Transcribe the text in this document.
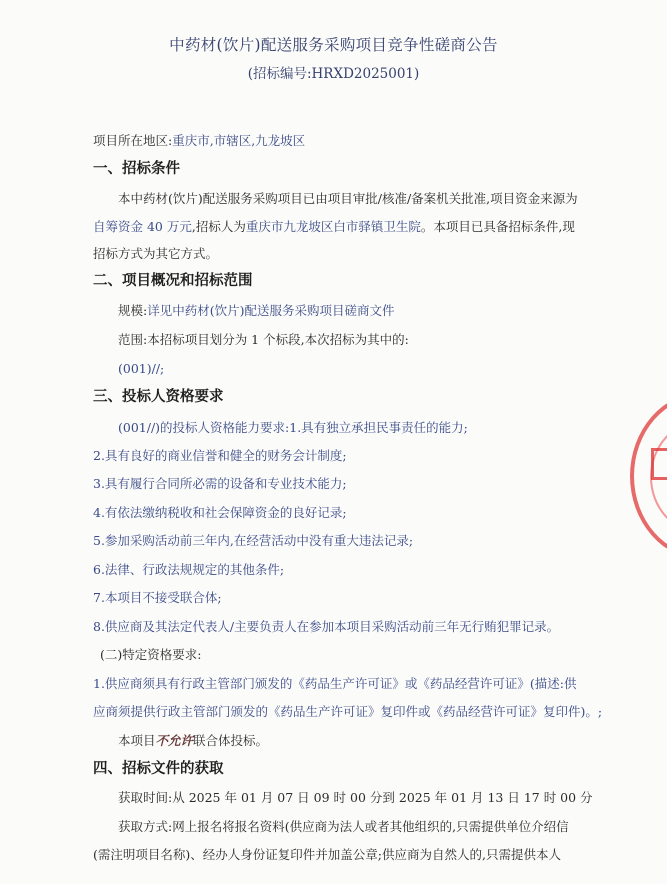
中药材(饮片)配送服务采购项目竞争性磋商公告
(招标编号:HRXD2025001)
项目所在地区:重庆市,市辖区,九龙坡区
一、招标条件
本中药材(饮片)配送服务采购项目已由项目审批/核准/备案机关批准,项目资金来源为
自筹资金 40 万元,招标人为重庆市九龙坡区白市驿镇卫生院。本项目已具备招标条件,现
招标方式为其它方式。
二、项目概况和招标范围
规模:详见中药材(饮片)配送服务采购项目磋商文件
范围:本招标项目划分为 1 个标段,本次招标为其中的:
(001)//;
三、投标人资格要求
(001//)的投标人资格能力要求:1.具有独立承担民事责任的能力;
2.具有良好的商业信誉和健全的财务会计制度;
3.具有履行合同所必需的设备和专业技术能力;
4.有依法缴纳税收和社会保障资金的良好记录;
5.参加采购活动前三年内,在经营活动中没有重大违法记录;
6.法律、行政法规规定的其他条件;
7.本项目不接受联合体;
8.供应商及其法定代表人/主要负责人在参加本项目采购活动前三年无行贿犯罪记录。
(二)特定资格要求:
1.供应商须具有行政主管部门颁发的《药品生产许可证》或《药品经营许可证》(描述:供
应商须提供行政主管部门颁发的《药品生产许可证》复印件或《药品经营许可证》复印件)。;
本项目不允许联合体投标。
四、招标文件的获取
获取时间:从 2025 年 01 月 07 日 09 时 00 分到 2025 年 01 月 13 日 17 时 00 分
获取方式:网上报名将报名资料(供应商为法人或者其他组织的,只需提供单位介绍信
(需注明项目名称)、经办人身份证复印件并加盖公章;供应商为自然人的,只需提供本人
